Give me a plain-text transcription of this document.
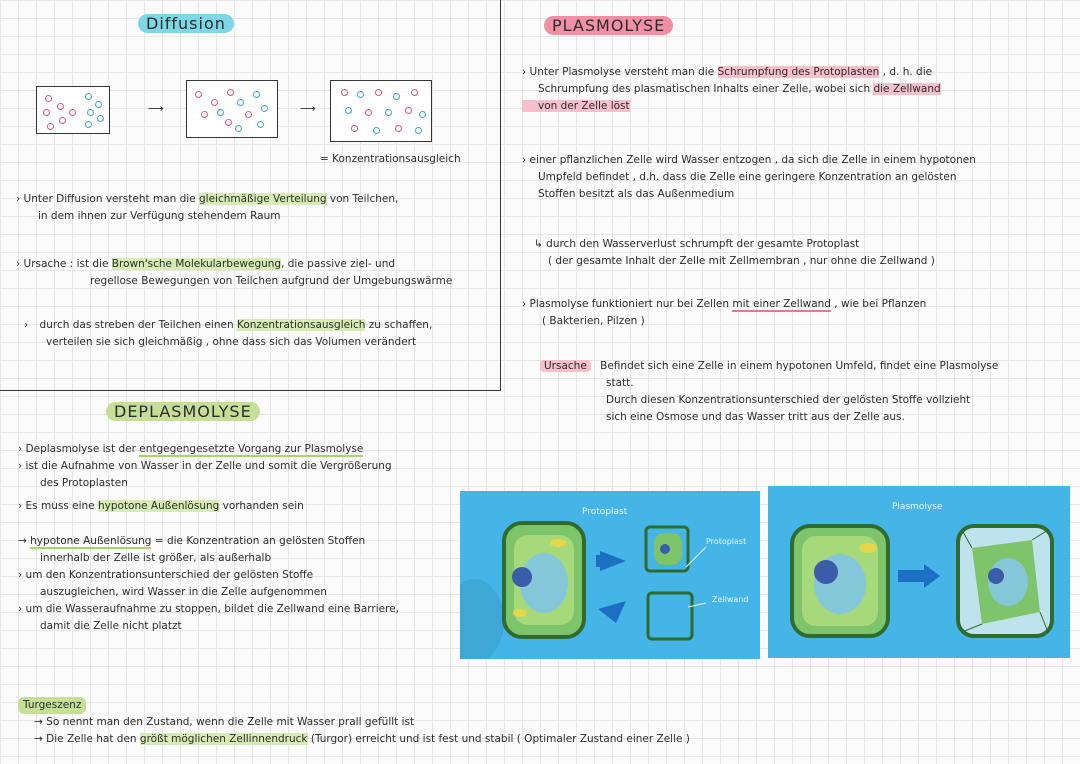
Diffusion
⟶	⟶
= Konzentrationsausgleich
› Unter Diffusion versteht man die gleichmäßige Verteilung von Teilchen,
in dem ihnen zur Verfügung stehendem Raum
› Ursache : ist die Brown'sche Molekularbewegung, die passive ziel- und
regellose Bewegungen von Teilchen aufgrund der Umgebungswärme
› durch das streben der Teilchen einen Konzentrationsausgleich zu schaffen,
verteilen sie sich gleichmäßig , ohne dass sich das Volumen verändert
PLASMOLYSE
› Unter Plasmolyse versteht man die Schrumpfung des Protoplasten , d. h. die
Schrumpfung des plasmatischen Inhalts einer Zelle, wobei sich die Zellwand
von der Zelle löst
› einer pflanzlichen Zelle wird Wasser entzogen , da sich die Zelle in einem hypotonen
Umpfeld befindet , d.h. dass die Zelle eine geringere Konzentration an gelösten
Stoffen besitzt als das Außenmedium
↳ durch den Wasserverlust schrumpft der gesamte Protoplast
( der gesamte Inhalt der Zelle mit Zellmembran , nur ohne die Zellwand )
› Plasmolyse funktioniert nur bei Zellen mit einer Zellwand , wie bei Pflanzen
( Bakterien, Pilzen )
Ursache Befindet sich eine Zelle in einem hypotonen Umfeld, findet eine Plasmolyse
statt.
Durch diesen Konzentrationsunterschied der gelösten Stoffe vollzieht
sich eine Osmose und das Wasser tritt aus der Zelle aus.
DEPLASMOLYSE
› Deplasmolyse ist der entgegengesetzte Vorgang zur Plasmolyse
› ist die Aufnahme von Wasser in der Zelle und somit die Vergrößerung
des Protoplasten
› Es muss eine hypotone Außenlösung vorhanden sein
→ hypotone Außenlösung = die Konzentration an gelösten Stoffen
innerhalb der Zelle ist größer, als außerhalb
› um den Konzentrationsunterschied der gelösten Stoffe
auszugleichen, wird Wasser in die Zelle aufgenommen
› um die Wasseraufnahme zu stoppen, bildet die Zellwand eine Barriere,
damit die Zelle nicht platzt
Protoplast
Protoplast
Zellwand
Plasmolyse
Turgeszenz
→ So nennt man den Zustand, wenn die Zelle mit Wasser prall gefüllt ist
→ Die Zelle hat den größt möglichen Zellinnendruck (Turgor) erreicht und ist fest und stabil ( Optimaler Zustand einer Zelle )
